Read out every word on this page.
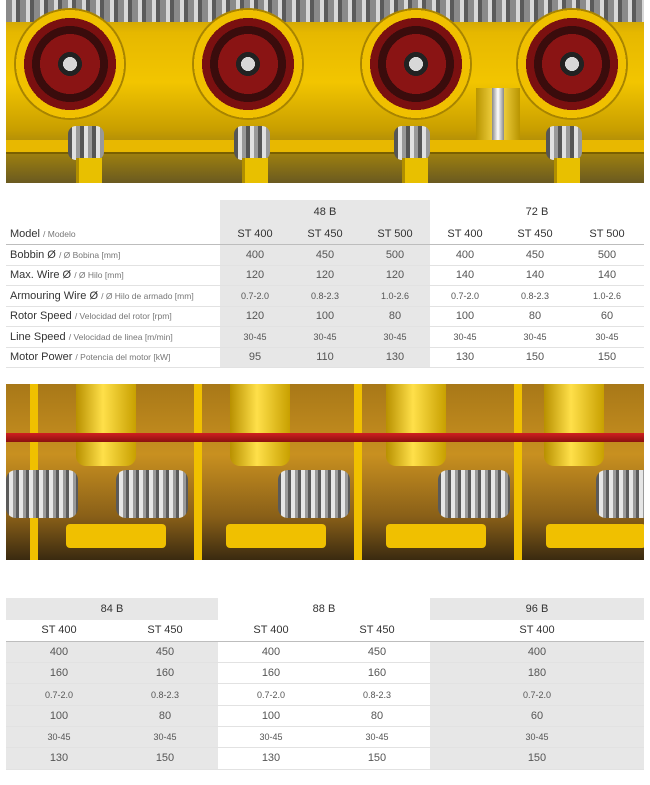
	48 B			72 B		
Model / Modelo	ST 400	ST 450	ST 500	ST 400	ST 450	ST 500
Bobbin Ø / Ø Bobina [mm]	400	450	500	400	450	500
Max. Wire Ø / Ø Hilo [mm]	120	120	120	140	140	140
Armouring Wire Ø / Ø Hilo de armado [mm]	0.7-2.0	0.8-2.3	1.0-2.6	0.7-2.0	0.8-2.3	1.0-2.6
Rotor Speed / Velocidad del rotor [rpm]	120	100	80	100	80	60
Line Speed / Velocidad de linea [m/min]	30-45	30-45	30-45	30-45	30-45	30-45
Motor Power / Potencia del motor [kW]	95	110	130	130	150	150
84 B		88 B		96 B
ST 400	ST 450	ST 400	ST 450	ST 400
400	450	400	450	400
160	160	160	160	180
0.7-2.0	0.8-2.3	0.7-2.0	0.8-2.3	0.7-2.0
100	80	100	80	60
30-45	30-45	30-45	30-45	30-45
130	150	130	150	150
